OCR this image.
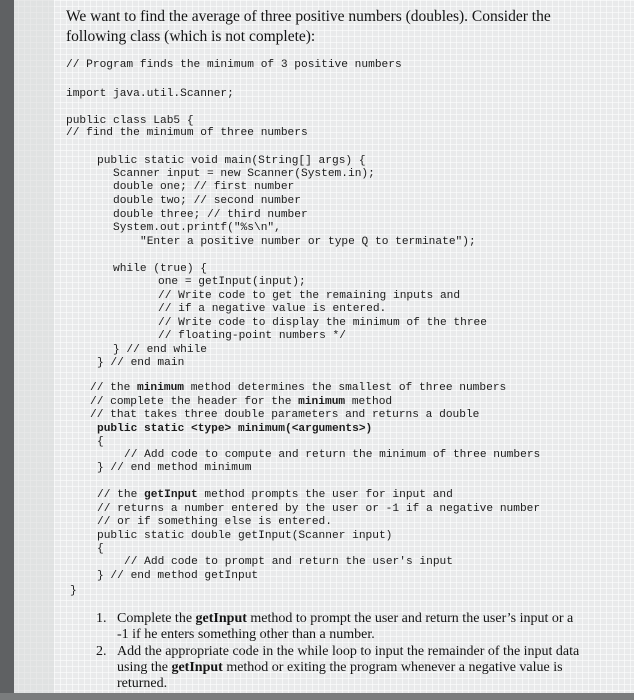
We want to find the average of three positive numbers (doubles). Consider the following class (which is not complete):
// Program finds the minimum of 3 positive numbers
import java.util.Scanner;
public class Lab5 {
// find the minimum of three numbers
public static void main(String[] args) {
Scanner input = new Scanner(System.in);
double one; // first number
double two; // second number
double three; // third number
System.out.printf("%s\n",
"Enter a positive number or type Q to terminate");
while (true) {
one = getInput(input);
// Write code to get the remaining inputs and
// if a negative value is entered.
// Write code to display the minimum of the three
// floating-point numbers */
} // end while
} // end main
// the minimum method determines the smallest of three numbers
// complete the header for the minimum method
// that takes three double parameters and returns a double
public static <type> minimum(<arguments>)
{
// Add code to compute and return the minimum of three numbers
} // end method minimum
// the getInput method prompts the user for input and
// returns a number entered by the user or -1 if a negative number
// or if something else is entered.
public static double getInput(Scanner input)
{
// Add code to prompt and return the user's input
} // end method getInput
}
1. Complete the getInput method to prompt the user and return the user’s input or a -1 if he enters something other than a number.
2. Add the appropriate code in the while loop to input the remainder of the input data using the getInput method or exiting the program whenever a negative value is returned.
